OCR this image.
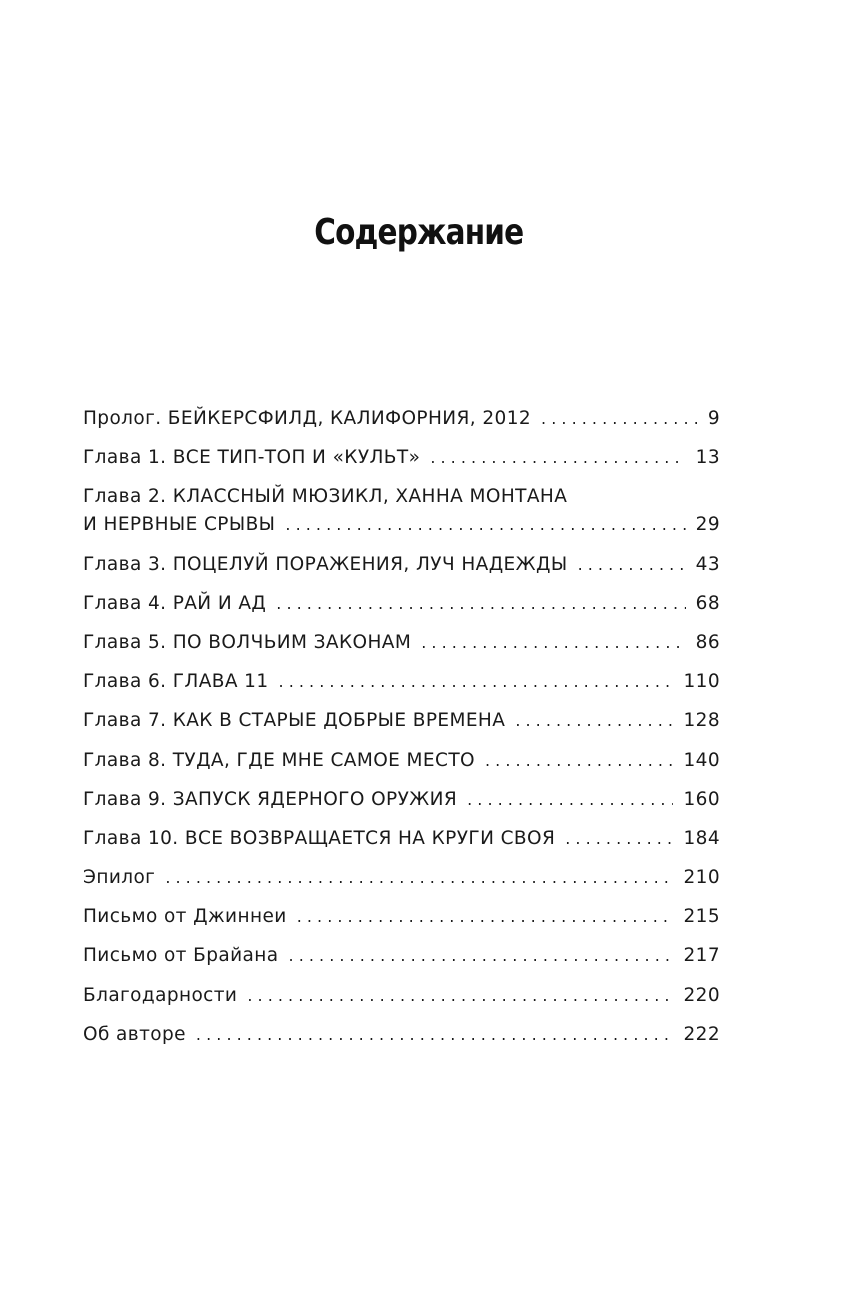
Содержание
Пролог. БЕЙКЕРСФИЛД, КАЛИФОРНИЯ, 2012 . . .	9
Глава 1. ВСЕ ТИП-ТОП И «КУЛЬТ» . . .	13
Глава 2. КЛАССНЫЙ МЮЗИКЛ, ХАННА МОНТАНА
И НЕРВНЫЕ СРЫВЫ . . .	29
Глава 3. ПОЦЕЛУЙ ПОРАЖЕНИЯ, ЛУЧ НАДЕЖДЫ . . .	43
Глава 4. РАЙ И АД . . .	68
Глава 5. ПО ВОЛЧЬИМ ЗАКОНАМ . . .	86
Глава 6. ГЛАВА 11 . . .	110
Глава 7. КАК В СТАРЫЕ ДОБРЫЕ ВРЕМЕНА . . .	128
Глава 8. ТУДА, ГДЕ МНЕ САМОЕ МЕСТО . . .	140
Глава 9. ЗАПУСК ЯДЕРНОГО ОРУЖИЯ . . .	160
Глава 10. ВСЕ ВОЗВРАЩАЕТСЯ НА КРУГИ СВОЯ . . .	184
Эпилог . . .	210
Письмо от Джиннеи . . .	215
Письмо от Брайана . . .	217
Благодарности . . .	220
Об авторе . . .	222
